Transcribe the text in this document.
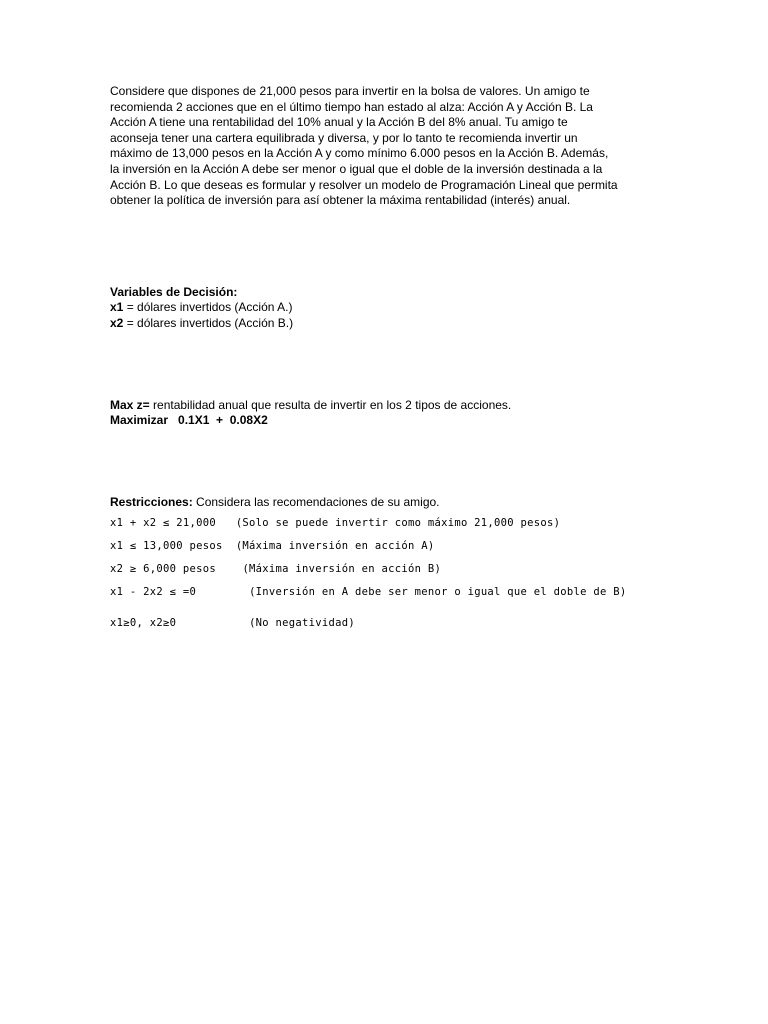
Considere que dispones de 21,000 pesos para invertir en la bolsa de valores. Un amigo te
recomienda 2 acciones que en el último tiempo han estado al alza: Acción A y Acción B. La
Acción A tiene una rentabilidad del 10% anual y la Acción B del 8% anual. Tu amigo te
aconseja tener una cartera equilibrada y diversa, y por lo tanto te recomienda invertir un
máximo de 13,000 pesos en la Acción A y como mínimo 6.000 pesos en la Acción B. Además,
la inversión en la Acción A debe ser menor o igual que el doble de la inversión destinada a la
Acción B. Lo que deseas es formular y resolver un modelo de Programación Lineal que permita
obtener la política de inversión para así obtener la máxima rentabilidad (interés) anual.
Variables de Decisión:
x1 = dólares invertidos (Acción A.)
x2 = dólares invertidos (Acción B.)
Max z= rentabilidad anual que resulta de invertir en los 2 tipos de acciones.
Maximizar   0.1X1  +  0.08X2
Restricciones: Considera las recomendaciones de su amigo.
x1 + x2 ≤ 21,000   (Solo se puede invertir como máximo 21,000 pesos)
x1 ≤ 13,000 pesos  (Máxima inversión en acción A)
x2 ≥ 6,000 pesos    (Máxima inversión en acción B)
x1 - 2x2 ≤ =0        (Inversión en A debe ser menor o igual que el doble de B)
x1≥0, x2≥0           (No negatividad)
